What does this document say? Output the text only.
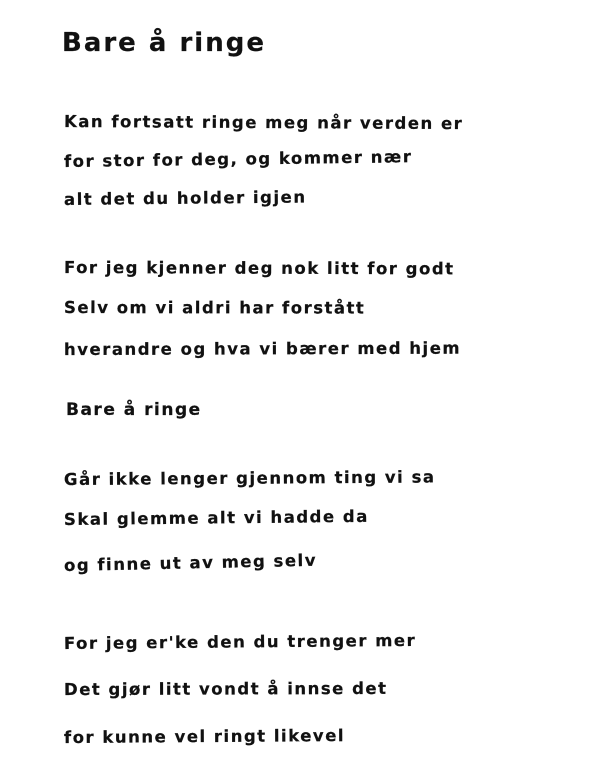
Bare å ringe
Kan fortsatt ringe meg når verden er
for stor for deg, og kommer nær
alt det du holder igjen
For jeg kjenner deg nok litt for godt
Selv om vi aldri har forstått
hverandre og hva vi bærer med hjem
Bare å ringe
Går ikke lenger gjennom ting vi sa
Skal glemme alt vi hadde da
og finne ut av meg selv
For jeg er'ke den du trenger mer
Det gjør litt vondt å innse det
for kunne vel ringt likevel
